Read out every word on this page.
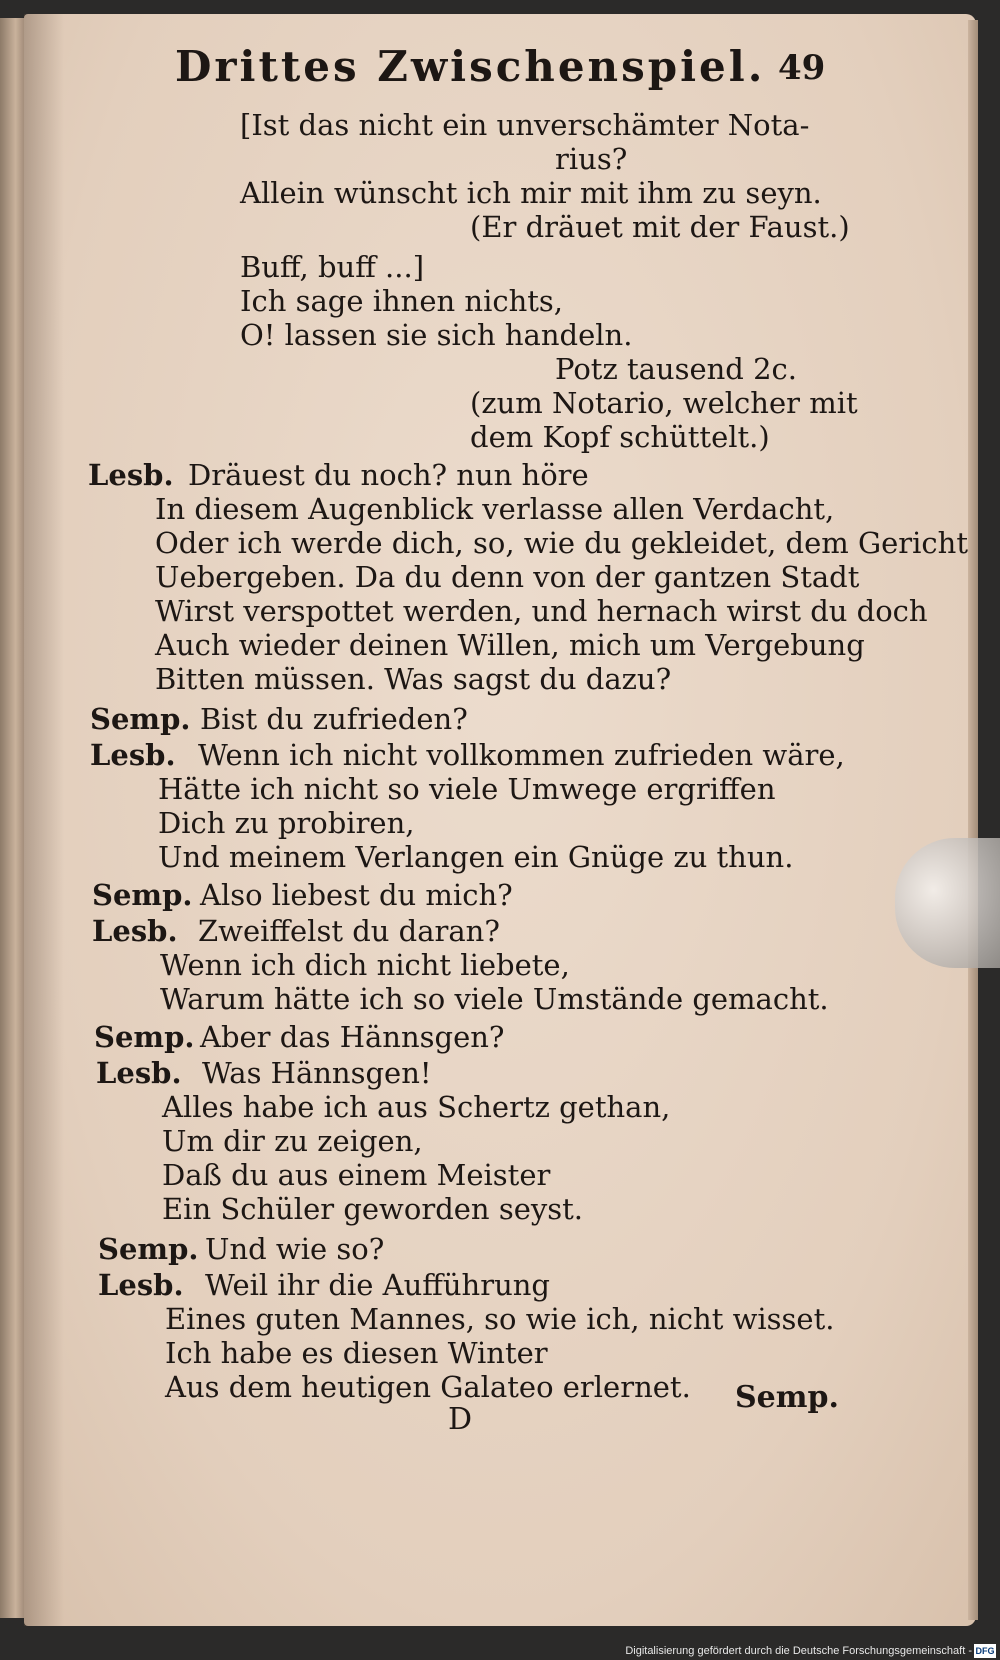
Drittes Zwischenspiel. 49
[Ist das nicht ein unverschämter Nota-
rius?
Allein wünscht ich mir mit ihm zu seyn.
(Er dräuet mit der Faust.)
Buff, buff ...]
Ich sage ihnen nichts,
O! lassen sie sich handeln.
Potz tausend 2c.
(zum Notario, welcher mit
dem Kopf schüttelt.)
Lesb. Dräuest du noch? nun höre
In diesem Augenblick verlasse allen Verdacht,
Oder ich werde dich, so, wie du gekleidet, dem Gericht
Uebergeben. Da du denn von der gantzen Stadt
Wirst verspottet werden, und hernach wirst du doch
Auch wieder deinen Willen, mich um Vergebung
Bitten müssen. Was sagst du dazu?
Semp. Bist du zufrieden?
Lesb. Wenn ich nicht vollkommen zufrieden wäre,
Hätte ich nicht so viele Umwege ergriffen
Dich zu probiren,
Und meinem Verlangen ein Gnüge zu thun.
Semp. Also liebest du mich?
Lesb. Zweiffelst du daran?
Wenn ich dich nicht liebete,
Warum hätte ich so viele Umstände gemacht.
Semp. Aber das Hännsgen?
Lesb. Was Hännsgen!
Alles habe ich aus Schertz gethan,
Um dir zu zeigen,
Daß du aus einem Meister
Ein Schüler geworden seyst.
Semp. Und wie so?
Lesb. Weil ihr die Aufführung
Eines guten Mannes, so wie ich, nicht wisset.
Ich habe es diesen Winter
Aus dem heutigen Galateo erlernet.
D
Semp.
Digitalisierung gefördert durch die Deutsche Forschungsgemeinschaft - DFG
